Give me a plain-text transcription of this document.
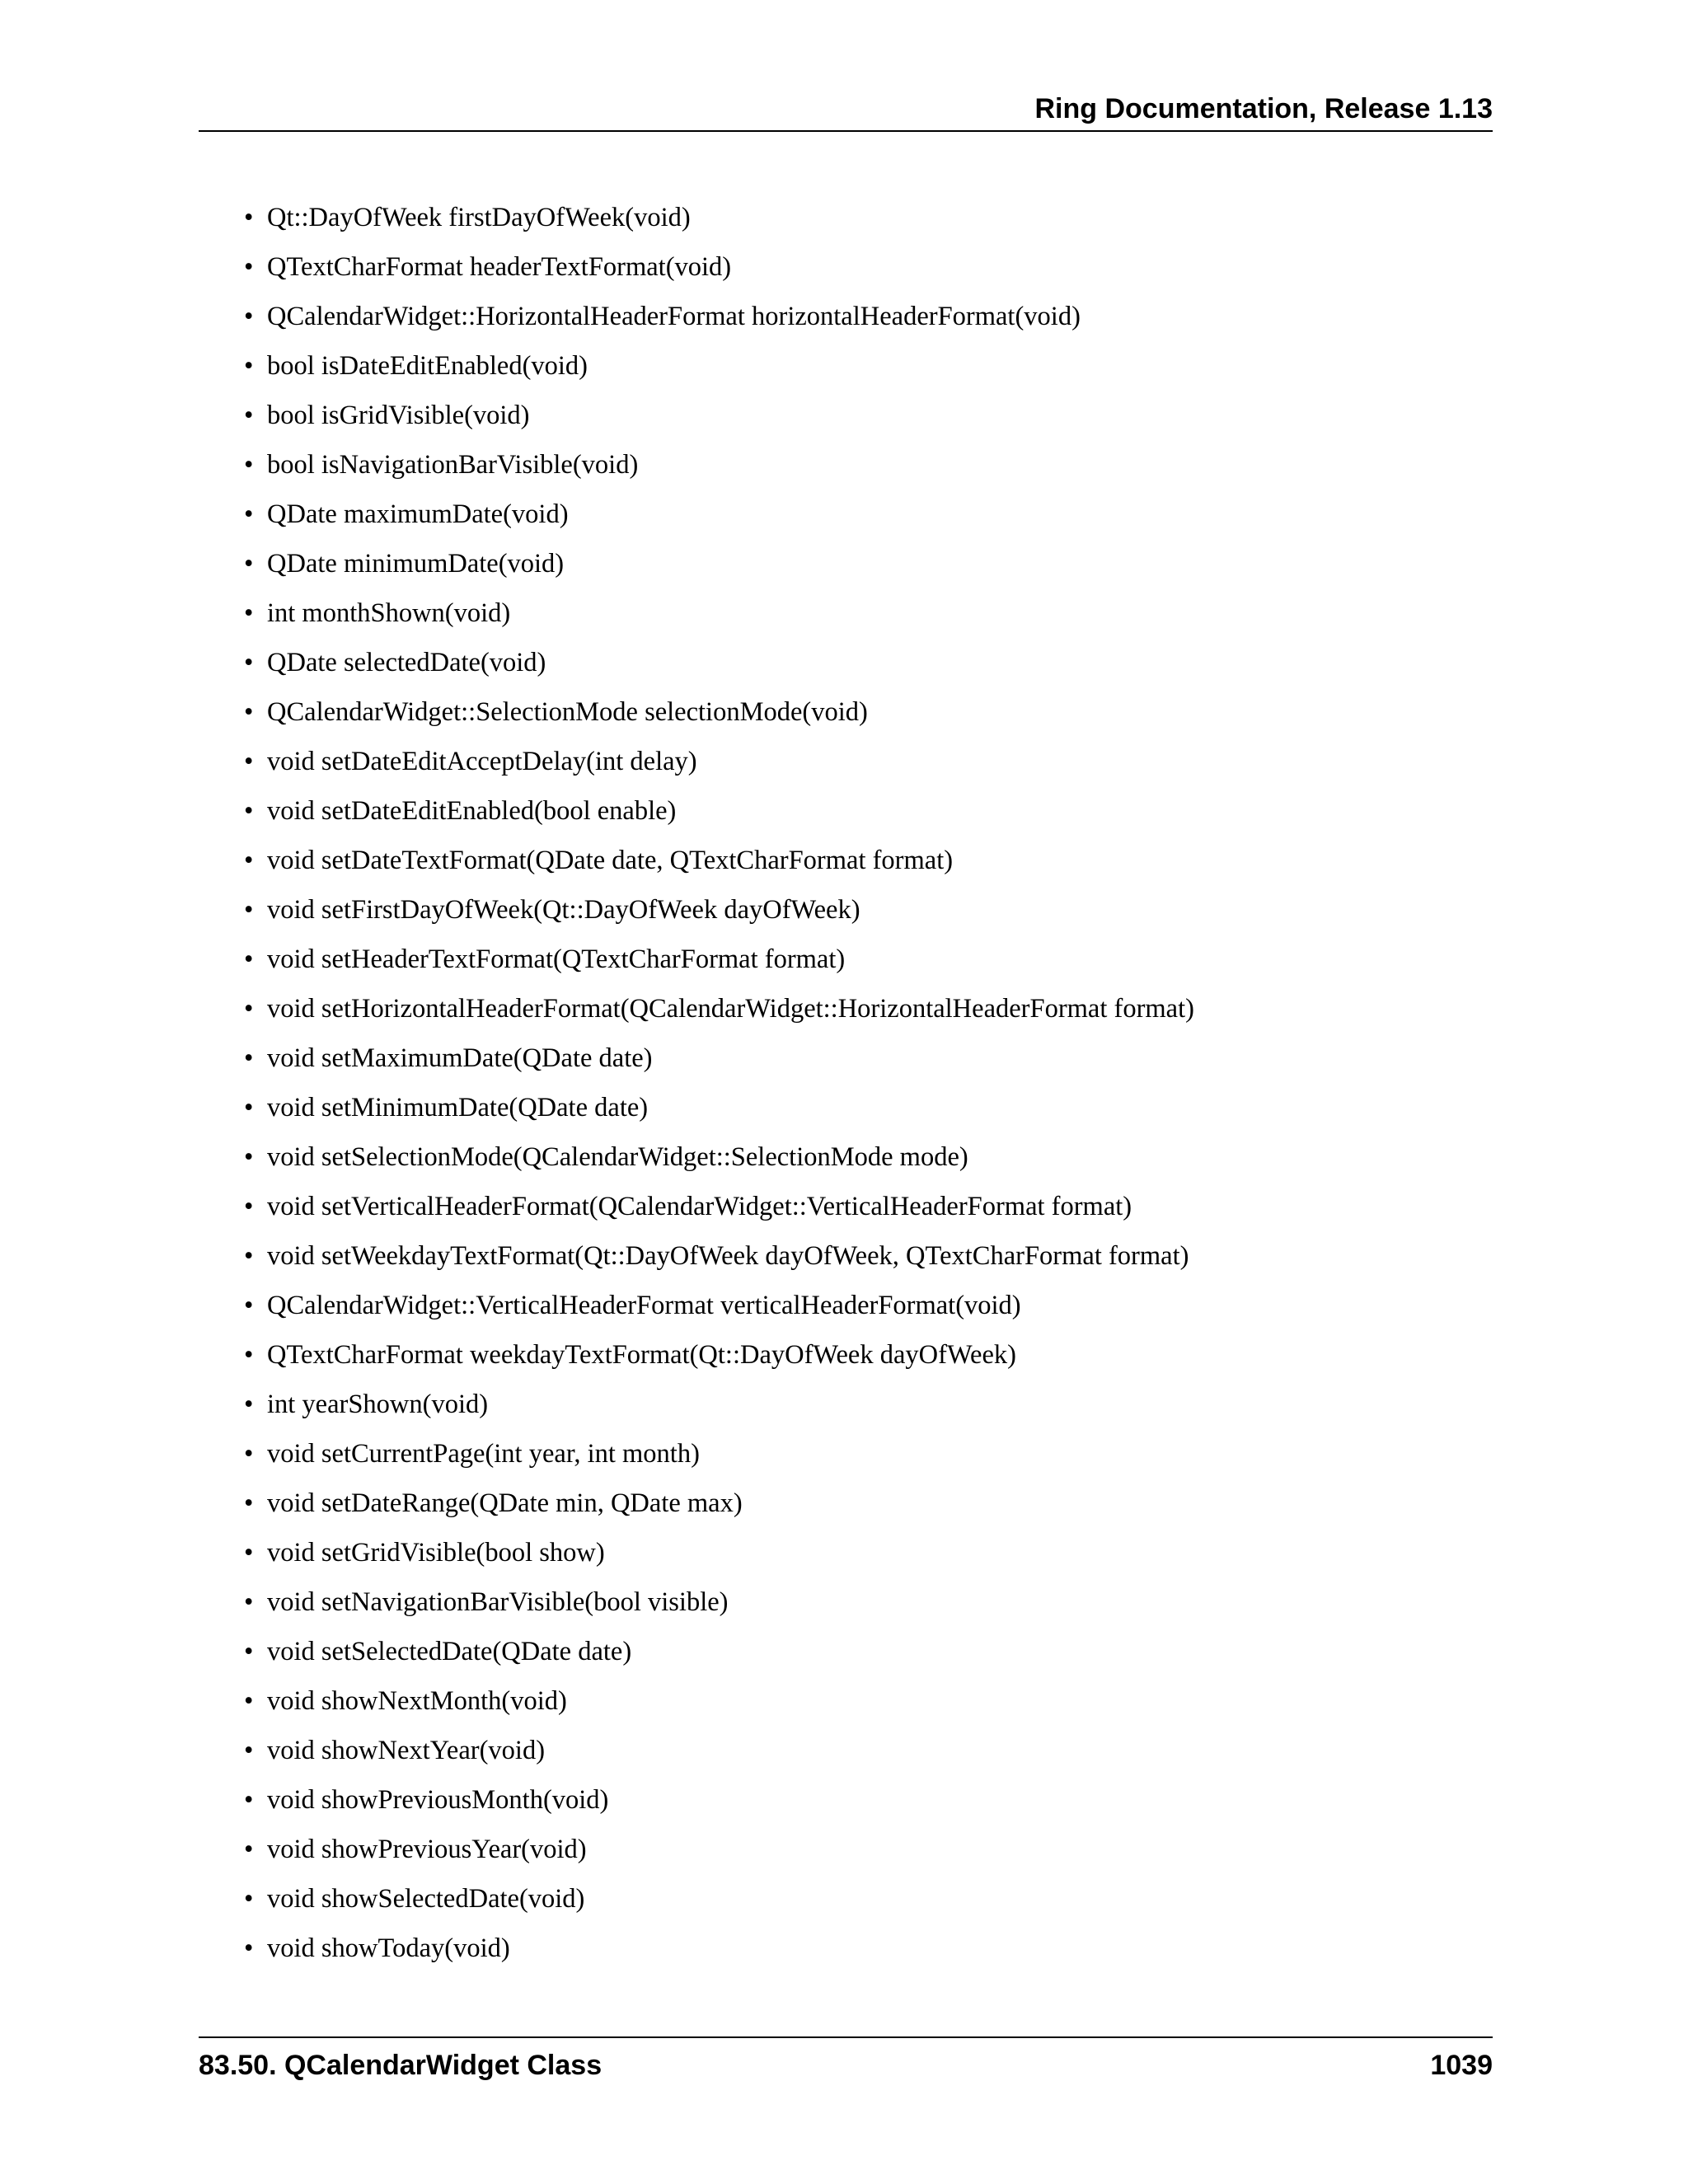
Ring Documentation, Release 1.13
• Qt::DayOfWeek firstDayOfWeek(void)
• QTextCharFormat headerTextFormat(void)
• QCalendarWidget::HorizontalHeaderFormat horizontalHeaderFormat(void)
• bool isDateEditEnabled(void)
• bool isGridVisible(void)
• bool isNavigationBarVisible(void)
• QDate maximumDate(void)
• QDate minimumDate(void)
• int monthShown(void)
• QDate selectedDate(void)
• QCalendarWidget::SelectionMode selectionMode(void)
• void setDateEditAcceptDelay(int delay)
• void setDateEditEnabled(bool enable)
• void setDateTextFormat(QDate date, QTextCharFormat format)
• void setFirstDayOfWeek(Qt::DayOfWeek dayOfWeek)
• void setHeaderTextFormat(QTextCharFormat format)
• void setHorizontalHeaderFormat(QCalendarWidget::HorizontalHeaderFormat format)
• void setMaximumDate(QDate date)
• void setMinimumDate(QDate date)
• void setSelectionMode(QCalendarWidget::SelectionMode mode)
• void setVerticalHeaderFormat(QCalendarWidget::VerticalHeaderFormat format)
• void setWeekdayTextFormat(Qt::DayOfWeek dayOfWeek, QTextCharFormat format)
• QCalendarWidget::VerticalHeaderFormat verticalHeaderFormat(void)
• QTextCharFormat weekdayTextFormat(Qt::DayOfWeek dayOfWeek)
• int yearShown(void)
• void setCurrentPage(int year, int month)
• void setDateRange(QDate min, QDate max)
• void setGridVisible(bool show)
• void setNavigationBarVisible(bool visible)
• void setSelectedDate(QDate date)
• void showNextMonth(void)
• void showNextYear(void)
• void showPreviousMonth(void)
• void showPreviousYear(void)
• void showSelectedDate(void)
• void showToday(void)
83.50. QCalendarWidget Class	1039
